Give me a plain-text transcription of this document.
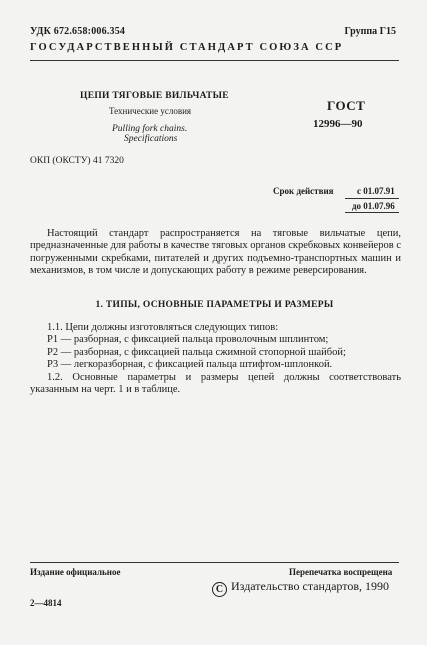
УДК 672.658:006.354	Группа Г15
ГОСУДАРСТВЕННЫЙ СТАНДАРТ СОЮЗА ССР
ЦЕПИ ТЯГОВЫЕ ВИЛЬЧАТЫЕ
Технические условия
Pulling fork chains.
Specifications
ГОСТ
12996—90
ОКП (ОКСТУ) 41 7320
Срок действия	с 01.07.91
до 01.07.96
Настоящий стандарт распространяется на тяговые вильчатые цепи, предназначенные для работы в качестве тяговых органов скребковых конвейеров с погруженными скребками, питателей и других подъемно-транспортных машин и механизмов, в том числе и допускающих работу в режиме реверсирования.
1. ТИПЫ, ОСНОВНЫЕ ПАРАМЕТРЫ И РАЗМЕРЫ
1.1. Цепи должны изготовляться следующих типов:
Р1 — разборная, с фиксацией пальца проволочным шплинтом;
Р2 — разборная, с фиксацией пальца сжимной стопорной шайбой;
Р3 — легкоразборная, с фиксацией пальца штифтом-шплонкой.
1.2. Основные параметры и размеры цепей должны соответствовать указанным на черт. 1 и в таблице.
Издание официальное	Перепечатка воспрещена
C Издательство стандартов, 1990
2—4814
